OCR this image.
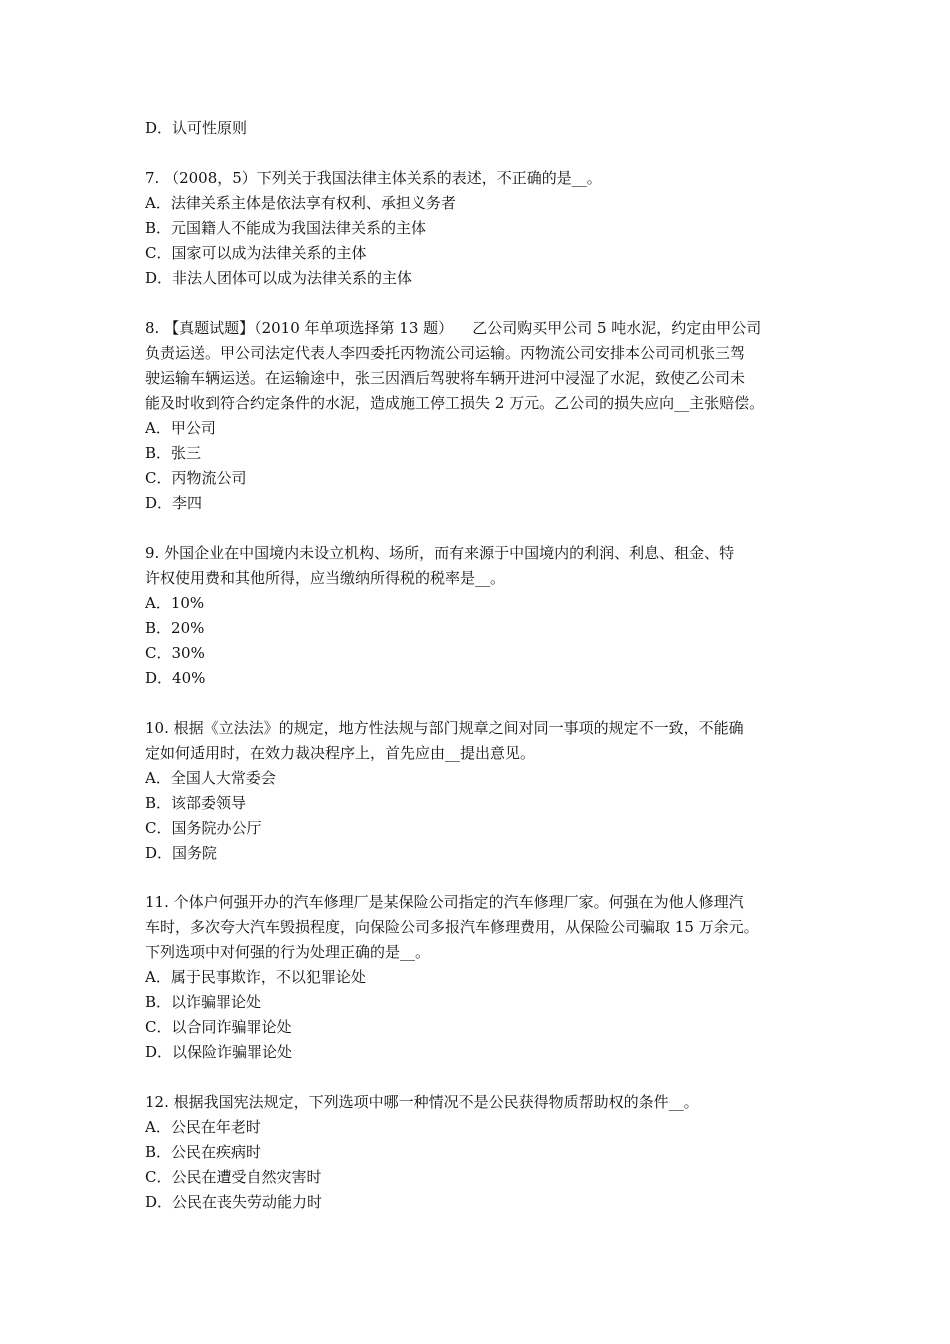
D．认可性原则
7. （2008，5）下列关于我国法律主体关系的表述，不正确的是__。
A．法律关系主体是依法享有权利、承担义务者
B．元国籍人不能成为我国法律关系的主体
C．国家可以成为法律关系的主体
D．非法人团体可以成为法律关系的主体
8. 【真题试题】（2010 年单项选择第 13 题）    乙公司购买甲公司 5 吨水泥，约定由甲公司
负责运送。甲公司法定代表人李四委托丙物流公司运输。丙物流公司安排本公司司机张三驾
驶运输车辆运送。在运输途中，张三因酒后驾驶将车辆开进河中浸湿了水泥，致使乙公司未
能及时收到符合约定条件的水泥，造成施工停工损失 2 万元。乙公司的损失应向__主张赔偿。
A．甲公司
B．张三
C．丙物流公司
D．李四
9. 外国企业在中国境内未设立机构、场所，而有来源于中国境内的利润、利息、租金、特
许权使用费和其他所得，应当缴纳所得税的税率是__。
A．10%
B．20%
C．30%
D．40%
10. 根据《立法法》的规定，地方性法规与部门规章之间对同一事项的规定不一致，不能确
定如何适用时，在效力裁决程序上，首先应由__提出意见。
A．全国人大常委会
B．该部委领导
C．国务院办公厅
D．国务院
11. 个体户何强开办的汽车修理厂是某保险公司指定的汽车修理厂家。何强在为他人修理汽
车时，多次夸大汽车毁损程度，向保险公司多报汽车修理费用，从保险公司骗取 15 万余元。
下列选项中对何强的行为处理正确的是__。
A．属于民事欺诈，不以犯罪论处
B．以诈骗罪论处
C．以合同诈骗罪论处
D．以保险诈骗罪论处
12. 根据我国宪法规定，下列选项中哪一种情况不是公民获得物质帮助权的条件__。
A．公民在年老时
B．公民在疾病时
C．公民在遭受自然灾害时
D．公民在丧失劳动能力时
